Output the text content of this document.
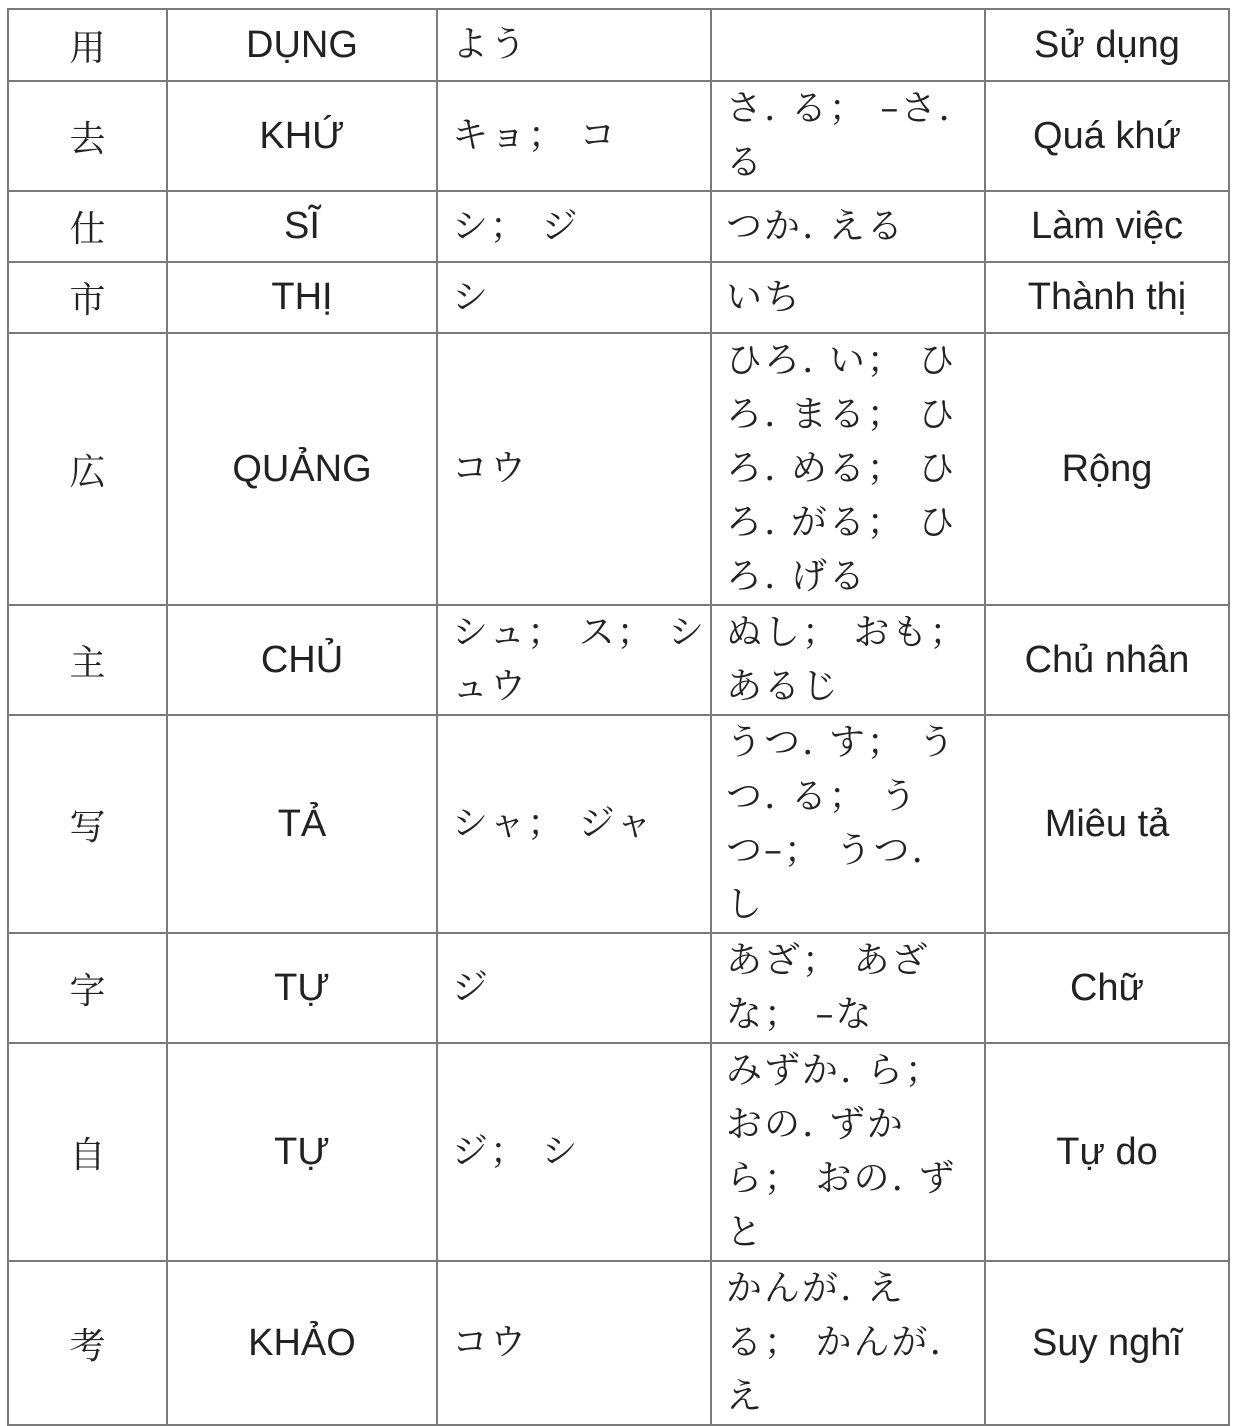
用	DỤNG	よう		Sử dụng
去	KHỨ	キョ； コ	さ. る； –さ. る	Quá khứ
仕	SĨ	シ； ジ	つか. える	Làm việc
市	THỊ	シ	いち	Thành thị
広	QUẢNG	コウ	ひろ. い； ひろ. まる； ひろ. める； ひろ. がる； ひろ. げる	Rộng
主	CHỦ	シュ； ス； シュウ	ぬし； おも； あるじ	Chủ nhân
写	TẢ	シャ； ジャ	うつ. す； うつ. る； うつ–； うつ. し	Miêu tả
字	TỰ	ジ	あざ； あざな； –な	Chữ
自	TỰ	ジ； シ	みずか. ら； おの. ずから； おの. ずと	Tự do
考	KHẢO	コウ	かんが. える； かんが. え	Suy nghĩ
